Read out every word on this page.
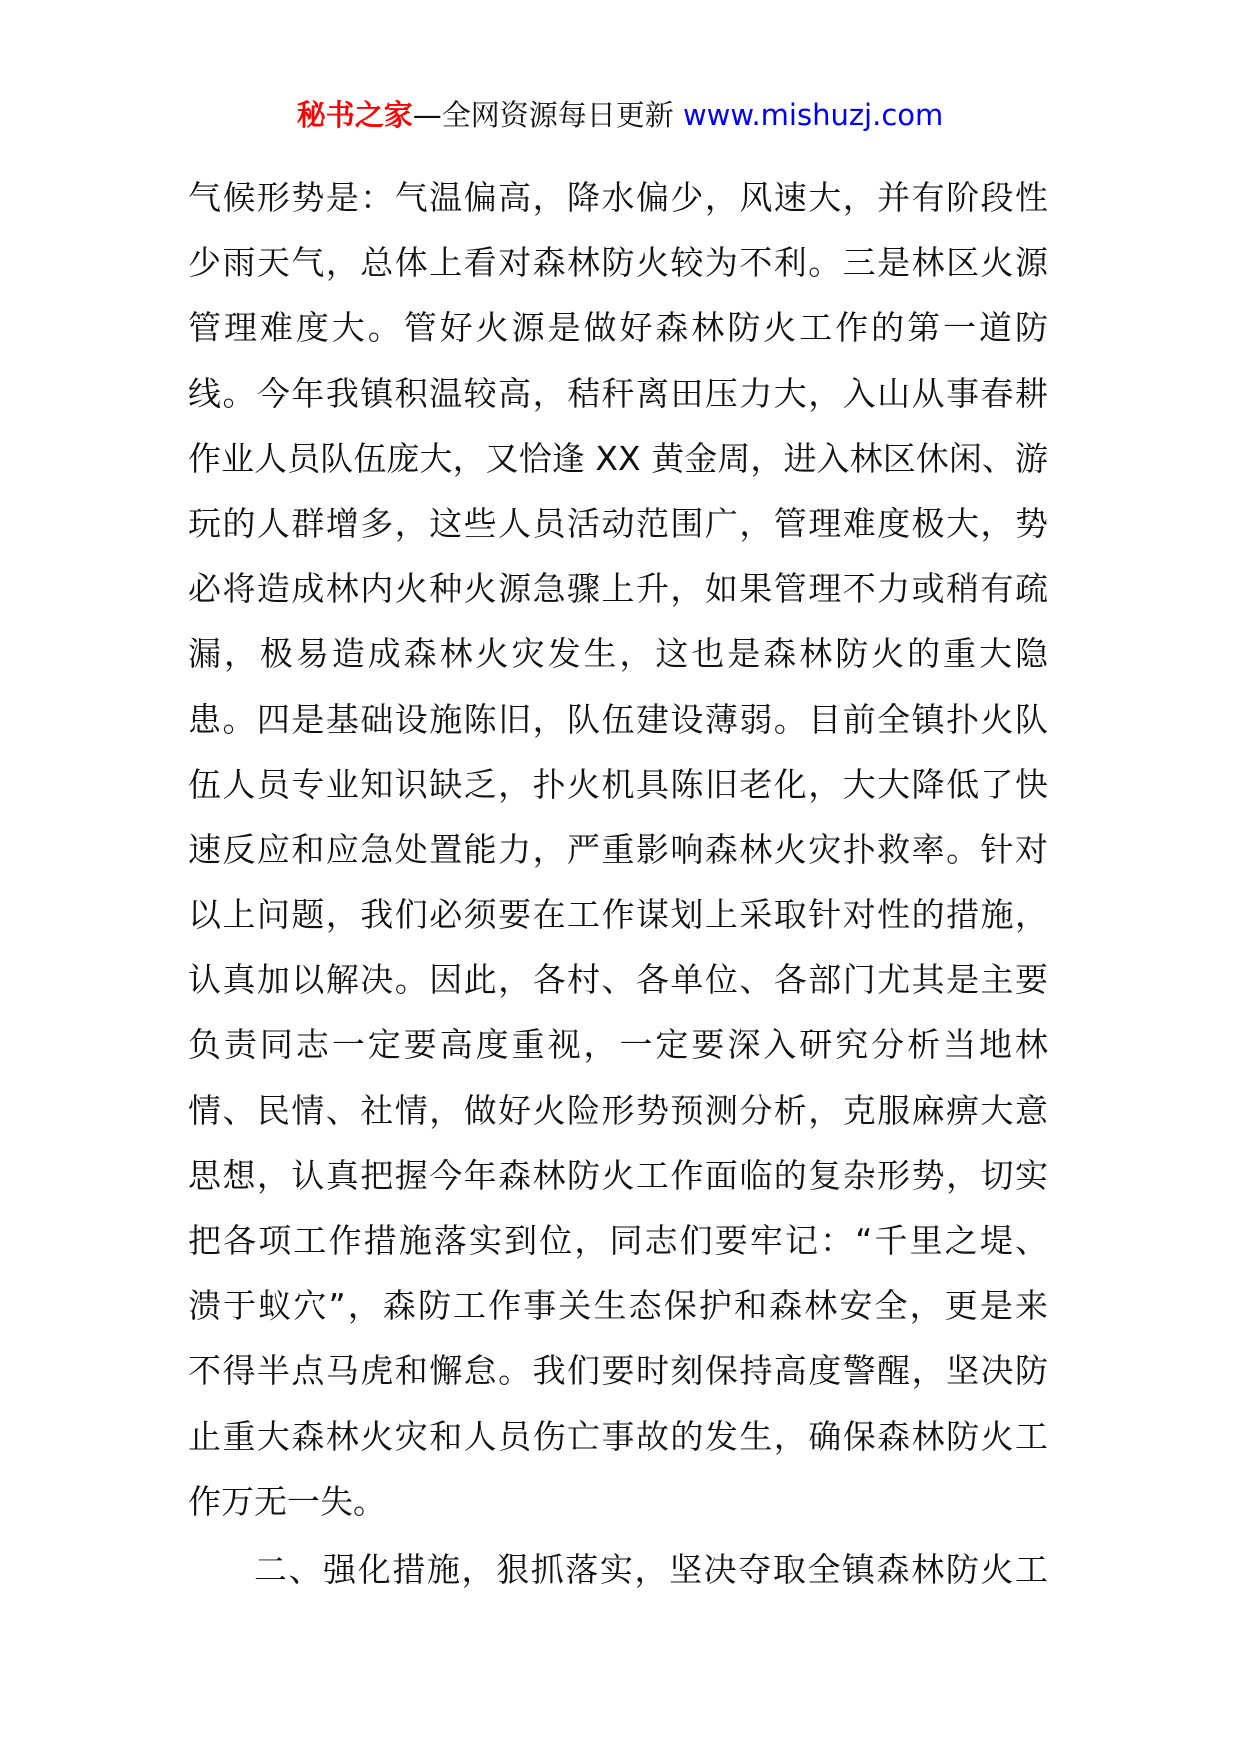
秘书之家—全网资源每日更新 www.mishuzj.com
气候形势是：气温偏高，降水偏少，风速大，并有阶段性
少雨天气，总体上看对森林防火较为不利。三是林区火源
管理难度大。管好火源是做好森林防火工作的第一道防
线。今年我镇积温较高，秸秆离田压力大，入山从事春耕
作业人员队伍庞大，又恰逢 XX 黄金周，进入林区休闲、游
玩的人群增多，这些人员活动范围广，管理难度极大，势
必将造成林内火种火源急骤上升，如果管理不力或稍有疏
漏，极易造成森林火灾发生，这也是森林防火的重大隐
患。四是基础设施陈旧，队伍建设薄弱。目前全镇扑火队
伍人员专业知识缺乏，扑火机具陈旧老化，大大降低了快
速反应和应急处置能力，严重影响森林火灾扑救率。针对
以上问题，我们必须要在工作谋划上采取针对性的措施，
认真加以解决。因此，各村、各单位、各部门尤其是主要
负责同志一定要高度重视，一定要深入研究分析当地林
情、民情、社情，做好火险形势预测分析，克服麻痹大意
思想，认真把握今年森林防火工作面临的复杂形势，切实
把各项工作措施落实到位，同志们要牢记：“千里之堤、
溃于蚁穴”，森防工作事关生态保护和森林安全，更是来
不得半点马虎和懈怠。我们要时刻保持高度警醒，坚决防
止重大森林火灾和人员伤亡事故的发生，确保森林防火工
作万无一失。
二、强化措施，狠抓落实，坚决夺取全镇森林防火工
